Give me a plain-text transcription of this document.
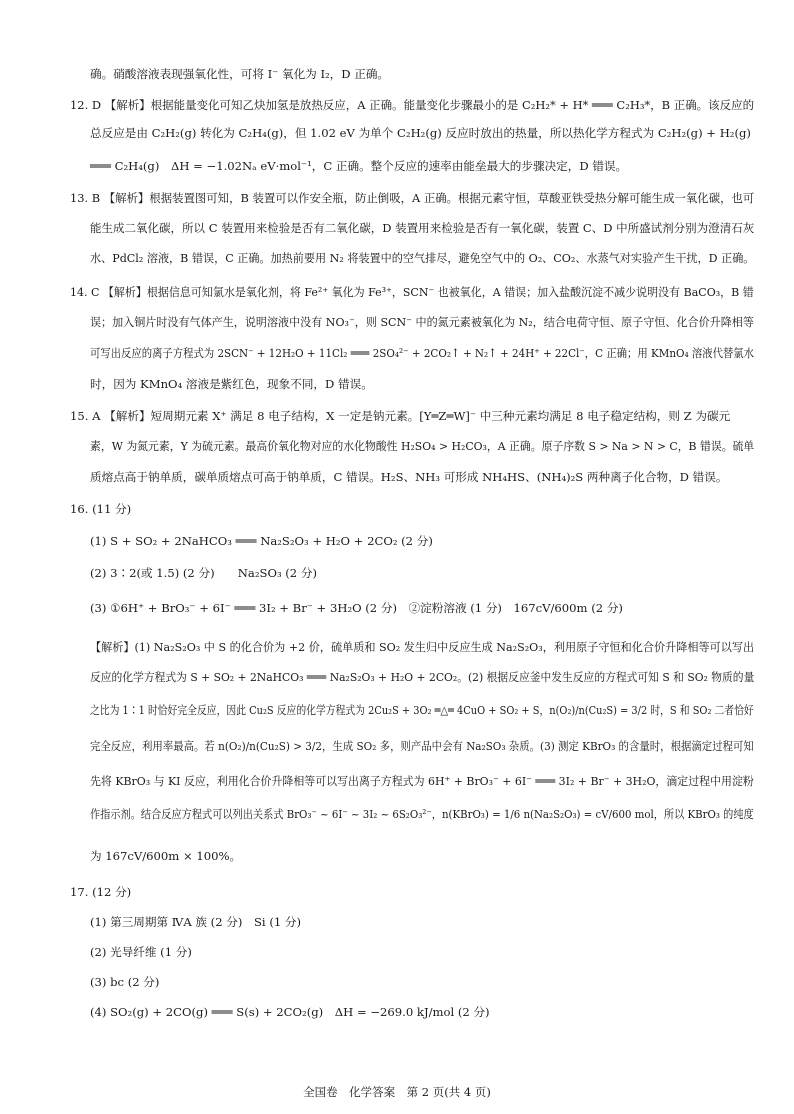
确。硝酸溶液表现强氧化性，可将 I⁻ 氧化为 I₂，D 正确。
12. D 【解析】根据能量变化可知乙炔加氢是放热反应，A 正确。能量变化步骤最小的是 C₂H₂* + H* ═══ C₂H₃*，B 正确。该反应的
总反应是由 C₂H₂(g) 转化为 C₂H₄(g)，但 1.02 eV 为单个 C₂H₂(g) 反应时放出的热量，所以热化学方程式为 C₂H₂(g) + H₂(g)
═══ C₂H₄(g)　ΔH = −1.02Nₐ eV·mol⁻¹，C 正确。整个反应的速率由能垒最大的步骤决定，D 错误。
13. B 【解析】根据装置图可知，B 装置可以作安全瓶，防止倒吸，A 正确。根据元素守恒，草酸亚铁受热分解可能生成一氧化碳，也可
能生成二氧化碳，所以 C 装置用来检验是否有二氧化碳，D 装置用来检验是否有一氧化碳，装置 C、D 中所盛试剂分别为澄清石灰
水、PdCl₂ 溶液，B 错误，C 正确。加热前要用 N₂ 将装置中的空气排尽，避免空气中的 O₂、CO₂、水蒸气对实验产生干扰，D 正确。
14. C 【解析】根据信息可知氯水是氧化剂，将 Fe²⁺ 氧化为 Fe³⁺，SCN⁻ 也被氧化，A 错误；加入盐酸沉淀不减少说明没有 BaCO₃，B 错
误；加入铜片时没有气体产生，说明溶液中没有 NO₃⁻，则 SCN⁻ 中的氮元素被氧化为 N₂，结合电荷守恒、原子守恒、化合价升降相等
可写出反应的离子方程式为 2SCN⁻ + 12H₂O + 11Cl₂ ═══ 2SO₄²⁻ + 2CO₂↑ + N₂↑ + 24H⁺ + 22Cl⁻，C 正确；用 KMnO₄ 溶液代替氯水
时，因为 KMnO₄ 溶液是紫红色，现象不同，D 错误。
15. A 【解析】短周期元素 X⁺ 满足 8 电子结构，X 一定是钠元素。[Y═Z═W]⁻ 中三种元素均满足 8 电子稳定结构，则 Z 为碳元
素，W 为氮元素，Y 为硫元素。最高价氧化物对应的水化物酸性 H₂SO₄ > H₂CO₃，A 正确。原子序数 S > Na > N > C，B 错误。硫单
质熔点高于钠单质，碳单质熔点可高于钠单质，C 错误。H₂S、NH₃ 可形成 NH₄HS、(NH₄)₂S 两种离子化合物，D 错误。
16. (11 分)
(1) S + SO₂ + 2NaHCO₃ ═══ Na₂S₂O₃ + H₂O + 2CO₂ (2 分)
(2) 3∶2(或 1.5) (2 分)　　Na₂SO₃ (2 分)
(3) ①6H⁺ + BrO₃⁻ + 6I⁻ ═══ 3I₂ + Br⁻ + 3H₂O (2 分)　②淀粉溶液 (1 分)　167cV/600m (2 分)
【解析】(1) Na₂S₂O₃ 中 S 的化合价为 +2 价，硫单质和 SO₂ 发生归中反应生成 Na₂S₂O₃，利用原子守恒和化合价升降相等可以写出
反应的化学方程式为 S + SO₂ + 2NaHCO₃ ═══ Na₂S₂O₃ + H₂O + 2CO₂。(2) 根据反应釜中发生反应的方程式可知 S 和 SO₂ 物质的量
之比为 1∶1 时恰好完全反应，因此 Cu₂S 反应的化学方程式为 2Cu₂S + 3O₂ ═△═ 4CuO + SO₂ + S，n(O₂)/n(Cu₂S) = 3/2 时，S 和 SO₂ 二者恰好
完全反应，利用率最高。若 n(O₂)/n(Cu₂S) > 3/2，生成 SO₂ 多，则产品中会有 Na₂SO₃ 杂质。(3) 测定 KBrO₃ 的含量时，根据滴定过程可知
先将 KBrO₃ 与 KI 反应，利用化合价升降相等可以写出离子方程式为 6H⁺ + BrO₃⁻ + 6I⁻ ═══ 3I₂ + Br⁻ + 3H₂O，滴定过程中用淀粉
作指示剂。结合反应方程式可以列出关系式 BrO₃⁻ ~ 6I⁻ ~ 3I₂ ~ 6S₂O₃²⁻，n(KBrO₃) = 1/6 n(Na₂S₂O₃) = cV/600 mol，所以 KBrO₃ 的纯度
为 167cV/600m × 100%。
17. (12 分)
(1) 第三周期第 ⅣA 族 (2 分)　Si (1 分)
(2) 光导纤维 (1 分)
(3) bc (2 分)
(4) SO₂(g) + 2CO(g) ═══ S(s) + 2CO₂(g)　ΔH = −269.0 kJ/mol (2 分)
全国卷　化学答案　第 2 页(共 4 页)
